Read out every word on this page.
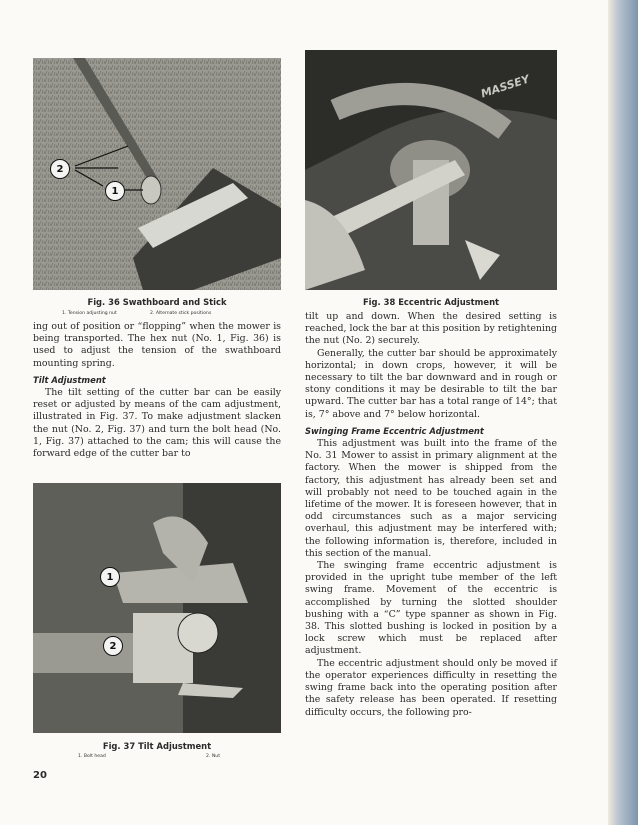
2
1
Fig. 36 Swathboard and Stick
1. Tension adjusting nut	2. Alternate stick positions

ing out of position or “flopping” when the mower is being transported. The hex nut (No. 1, Fig. 36) is used to adjust the tension of the swathboard mounting spring.

Tilt Adjustment

The tilt setting of the cutter bar can be easily reset or adjusted by means of the cam adjustment, illustrated in Fig. 37. To make adjustment slacken the nut (No. 2, Fig. 37) and turn the bolt head (No. 1, Fig. 37) attached to the cam; this will cause the forward edge of the cutter bar to

1
2
Fig. 37 Tilt Adjustment
1. Bolt head	2. Nut
20
MASSEY
Fig. 38 Eccentric Adjustment

tilt up and down. When the desired setting is reached, lock the bar at this position by retightening the nut (No. 2) securely.

Generally, the cutter bar should be approximately horizontal; in down crops, however, it will be necessary to tilt the bar downward and in rough or stony conditions it may be desirable to tilt the bar upward. The cutter bar has a total range of 14°; that is, 7° above and 7° below horizontal.

Swinging Frame Eccentric Adjustment

This adjustment was built into the frame of the No. 31 Mower to assist in primary alignment at the factory. When the mower is shipped from the factory, this adjustment has already been set and will probably not need to be touched again in the lifetime of the mower. It is foreseen however, that in odd circumstances such as a major servicing overhaul, this adjustment may be interfered with; the following information is, therefore, included in this section of the manual.

The swinging frame eccentric adjustment is provided in the upright tube member of the left swing frame. Movement of the eccentric is accomplished by turning the slotted shoulder bushing with a “C” type spanner as shown in Fig. 38. This slotted bushing is locked in position by a lock screw which must be replaced after adjustment.

The eccentric adjustment should only be moved if the operator experiences difficulty in resetting the swing frame back into the operating position after the safety release has been operated. If resetting difficulty occurs, the following pro-
